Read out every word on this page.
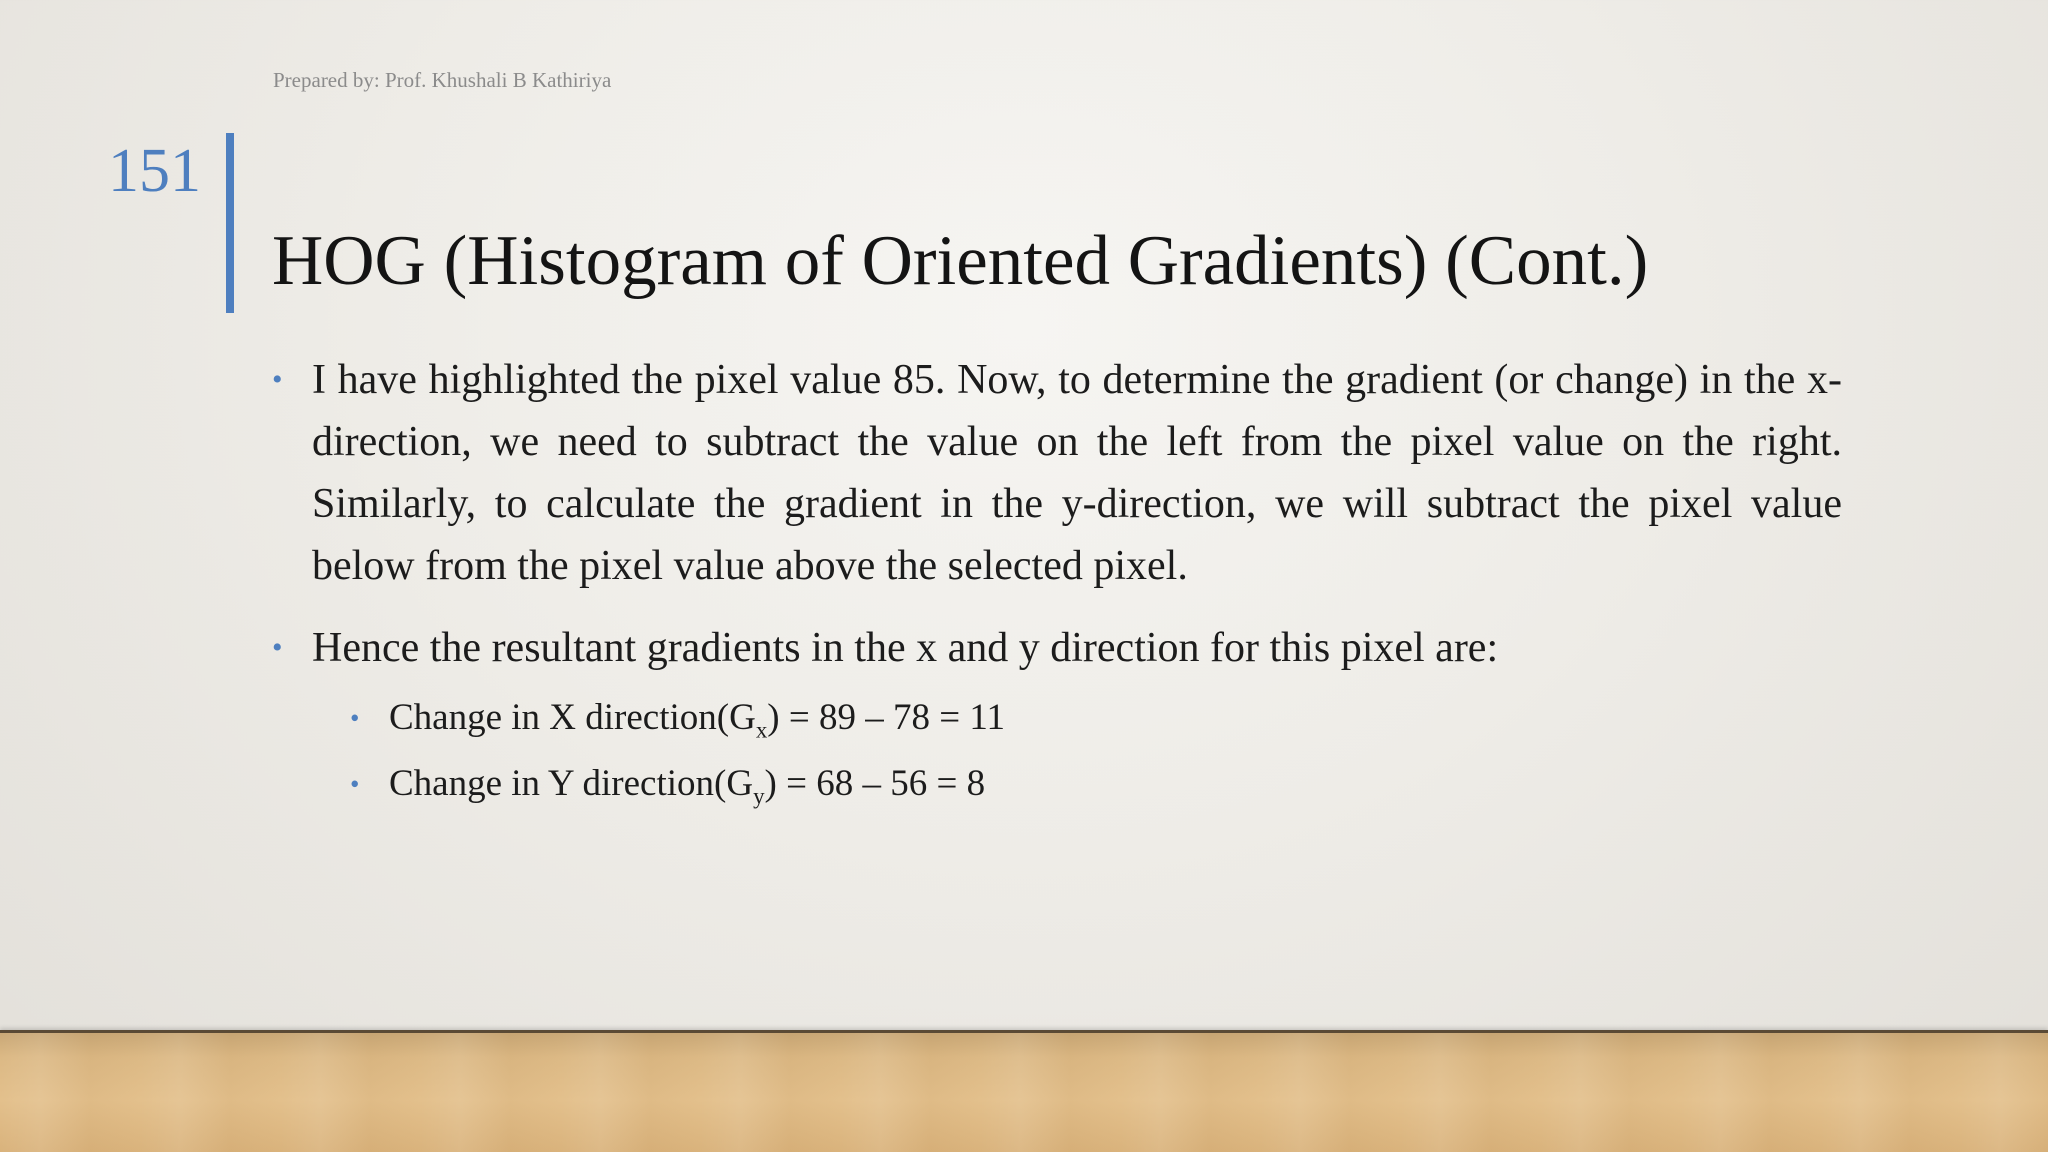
Prepared by: Prof. Khushali B Kathiriya
151
HOG (Histogram of Oriented Gradients) (Cont.)
• I have highlighted the pixel value 85. Now, to determine the gradient (or change) in the x-direction, we need to subtract the value on the left from the pixel value on the right. Similarly, to calculate the gradient in the y-direction, we will subtract the pixel value below from the pixel value above the selected pixel.
• Hence the resultant gradients in the x and y direction for this pixel are:
• Change in X $direction(G_x) = 89 - 78 = 11$
• Change in Y $direction(G_y) = 68 - 56 = 8$
